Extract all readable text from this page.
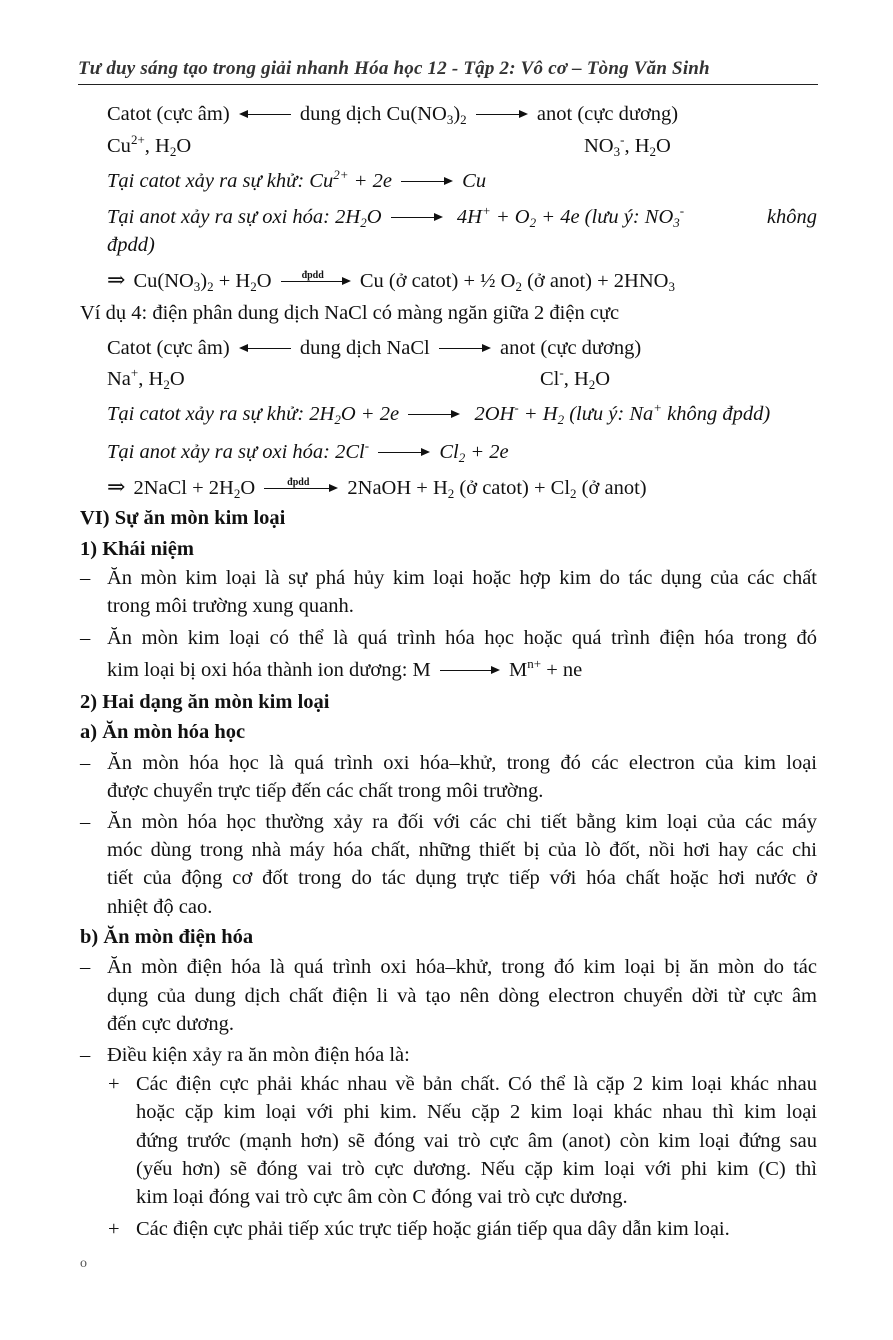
Tư duy sáng tạo trong giải nhanh Hóa học 12 - Tập 2: Vô cơ – Tòng Văn Sinh
Catot (cực âm)	dung dịch $Cu(NO_3)_2$	anot (cực dương)
$Cu^{2+}$, $H_2O$	$NO_3^-$, $H_2O$
Tại catot xảy ra sự khử: $Cu^{2+} + 2e$	Cu
Tại anot xảy ra sự oxi hóa: $2H_2O$	$4H^+ + O_2 + 4e$ (lưu ý: $NO_3^-$	không
đpdd)
⇒ $Cu(NO_3)_2 + H_2O$	đpdd	Cu (ở catot) + ½ $O_2$ (ở anot) + $2HNO_3$
Ví dụ 4: điện phân dung dịch NaCl có màng ngăn giữa 2 điện cực
Catot (cực âm)	dung dịch NaCl	anot (cực dương)
Na+, $H_2O$	Cl-, $H_2O$
Tại catot xảy ra sự khử: $2H_2O + 2e$	$2OH^- + H_2$ (lưu ý: Na+ không đpdd)
Tại anot xảy ra sự oxi hóa: 2Cl-	$Cl_2 + 2e$
⇒ 2NaCl + $2H_2O$	đpdd	2NaOH + $H_2$ (ở catot) + $Cl_2$ (ở anot)
VI) Sự ăn mòn kim loại
1) Khái niệm
– Ăn mòn kim loại là sự phá hủy kim loại hoặc hợp kim do tác dụng của các chất
trong môi trường xung quanh.
– Ăn mòn kim loại có thể là quá trình hóa học hoặc quá trình điện hóa trong đó
kim loại bị oxi hóa thành ion dương: M	$M^{n+}$ + ne
2) Hai dạng ăn mòn kim loại
a) Ăn mòn hóa học
– Ăn mòn hóa học là quá trình oxi hóa–khử, trong đó các electron của kim loại
được chuyển trực tiếp đến các chất trong môi trường.
– Ăn mòn hóa học thường xảy ra đối với các chi tiết bằng kim loại của các máy
móc dùng trong nhà máy hóa chất, những thiết bị của lò đốt, nồi hơi hay các chi
tiết của động cơ đốt trong do tác dụng trực tiếp với hóa chất hoặc hơi nước ở
nhiệt độ cao.
b) Ăn mòn điện hóa
– Ăn mòn điện hóa là quá trình oxi hóa–khử, trong đó kim loại bị ăn mòn do tác
dụng của dung dịch chất điện li và tạo nên dòng electron chuyển dời từ cực âm
đến cực dương.
– Điều kiện xảy ra ăn mòn điện hóa là:
+ Các điện cực phải khác nhau về bản chất. Có thể là cặp 2 kim loại khác nhau
hoặc cặp kim loại với phi kim. Nếu cặp 2 kim loại khác nhau thì kim loại
đứng trước (mạnh hơn) sẽ đóng vai trò cực âm (anot) còn kim loại đứng sau
(yếu hơn) sẽ đóng vai trò cực dương. Nếu cặp kim loại với phi kim (C) thì
kim loại đóng vai trò cực âm còn C đóng vai trò cực dương.
+ Các điện cực phải tiếp xúc trực tiếp hoặc gián tiếp qua dây dẫn kim loại.
o
